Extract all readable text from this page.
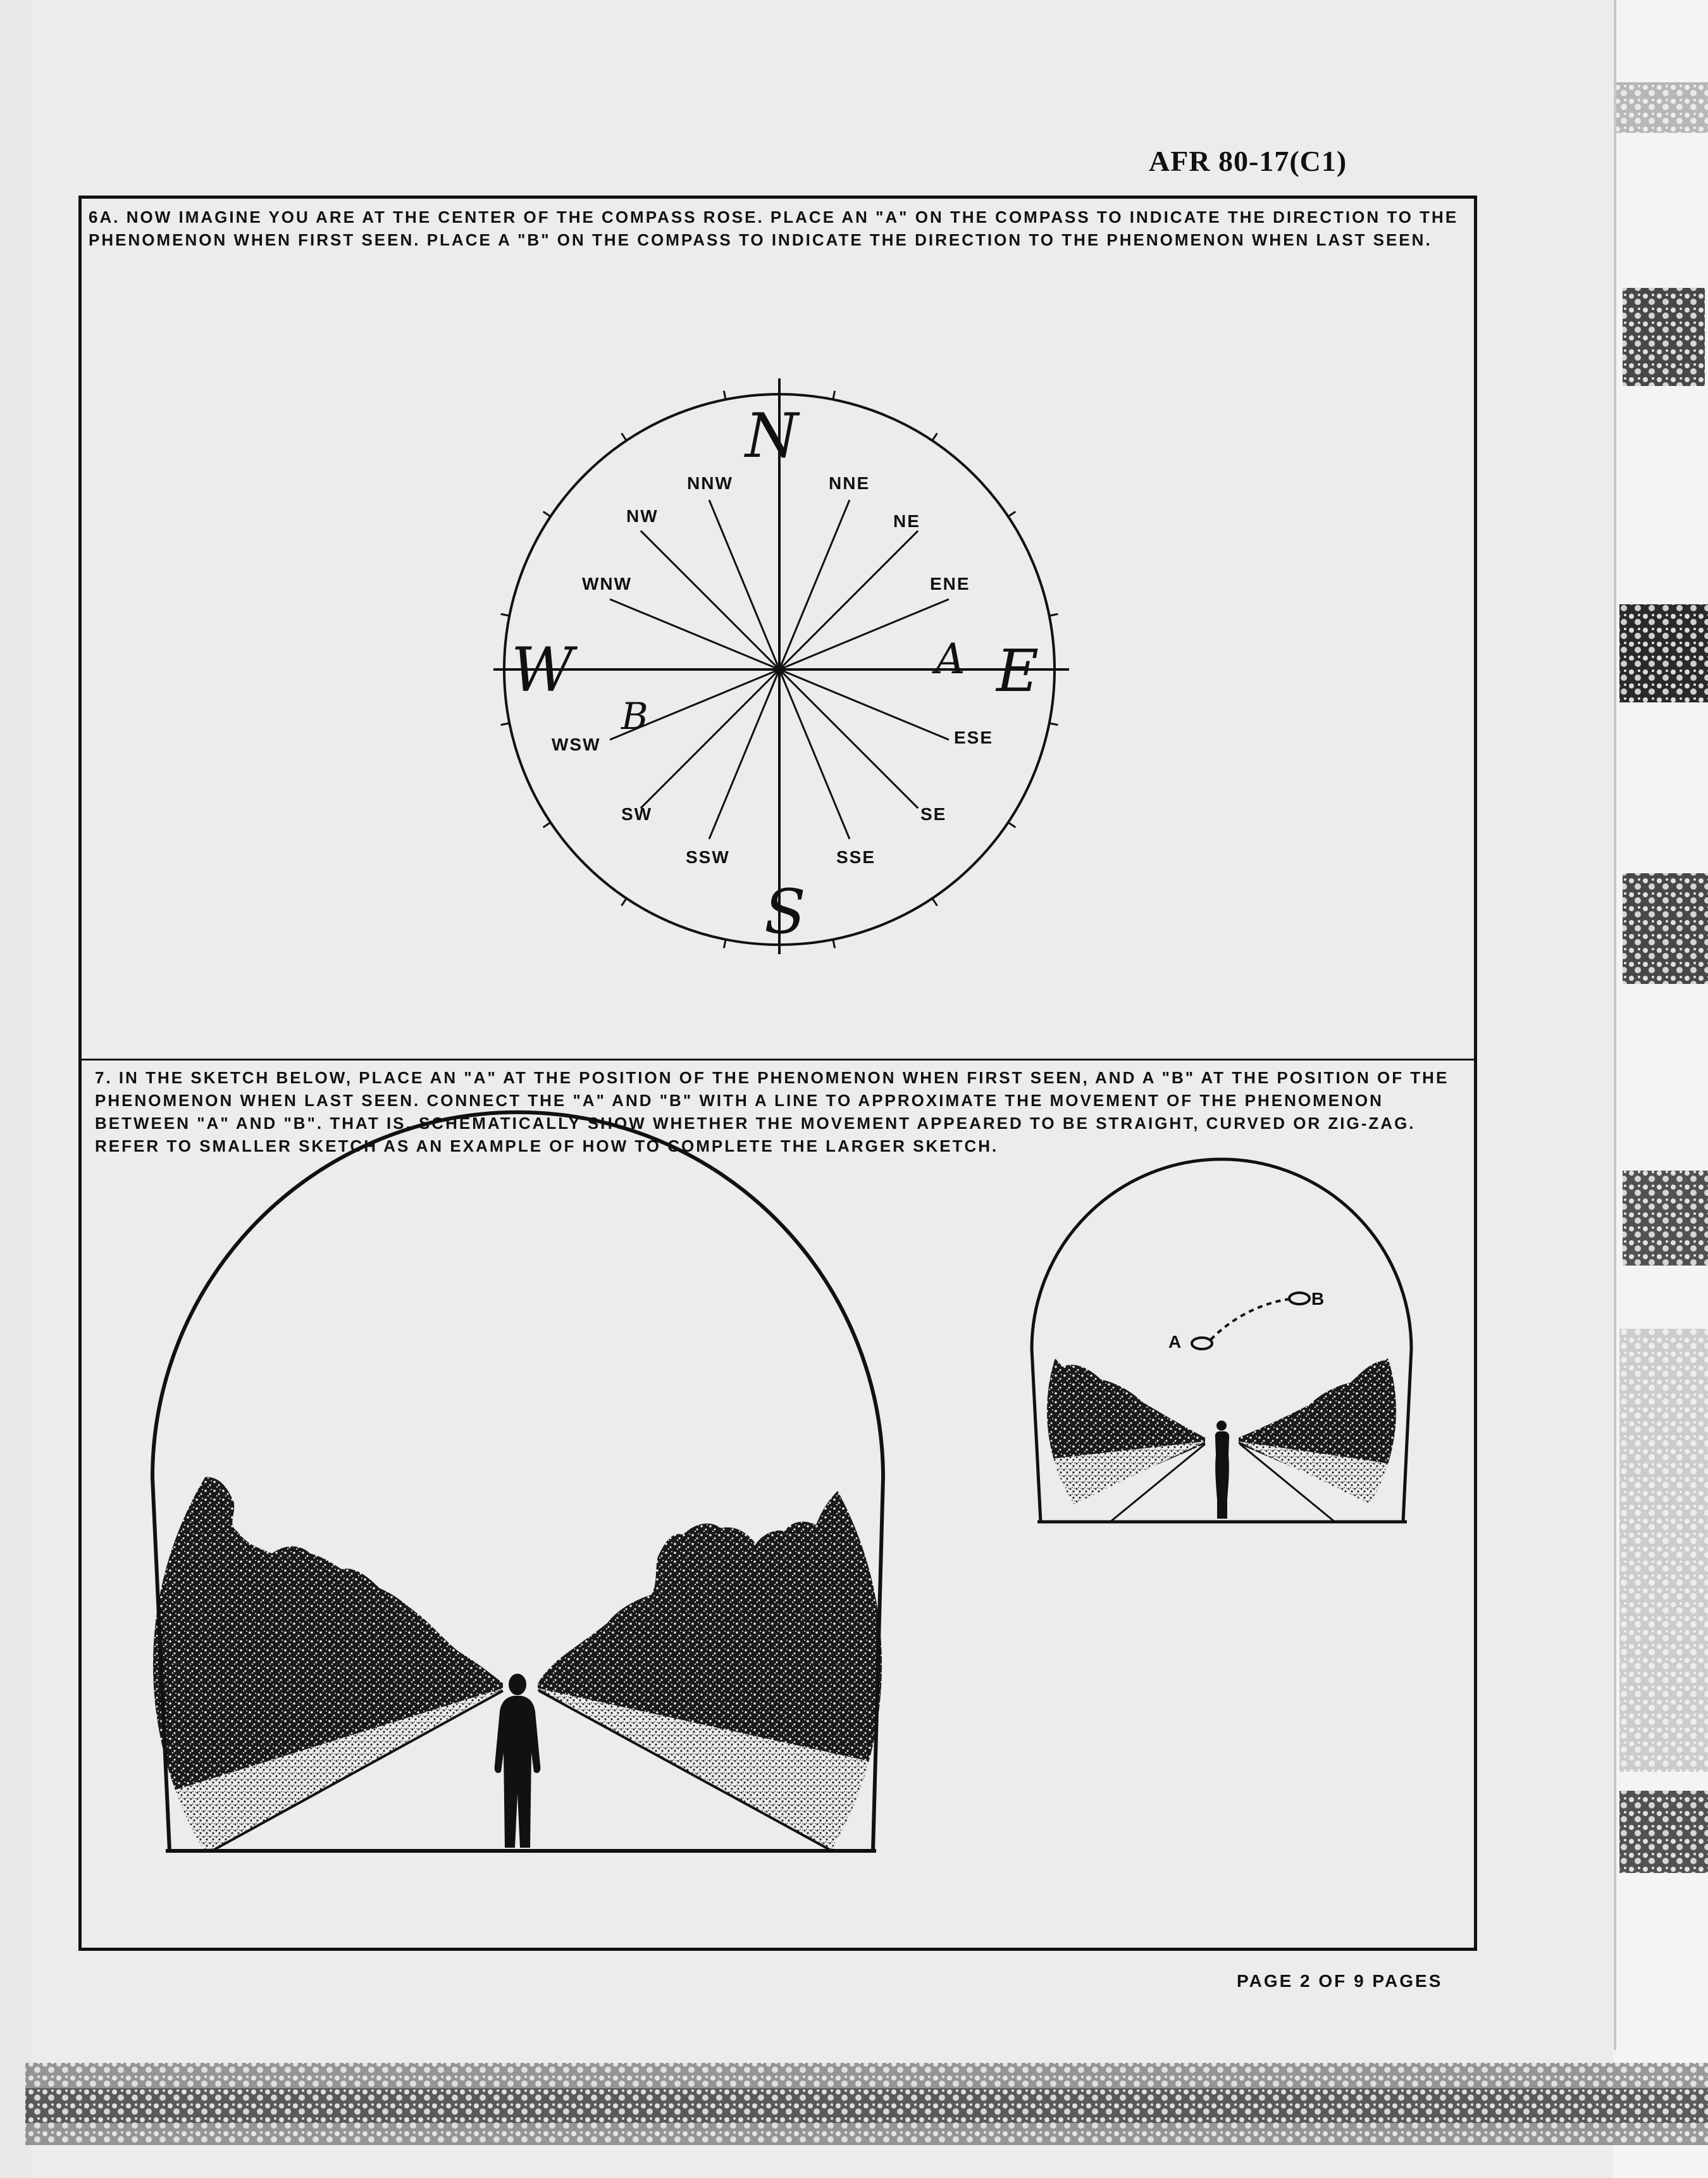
AFR 80-17(C1)

6A. NOW IMAGINE YOU ARE AT THE CENTER OF THE COMPASS ROSE. PLACE AN "A" ON THE COMPASS TO INDICATE THE DIRECTION TO THE PHENOMENON WHEN FIRST SEEN. PLACE A "B" ON THE COMPASS TO INDICATE THE DIRECTION TO THE PHENOMENON WHEN LAST SEEN.

7. IN THE SKETCH BELOW, PLACE AN "A" AT THE POSITION OF THE PHENOMENON WHEN FIRST SEEN, AND A "B" AT THE POSITION OF THE PHENOMENON WHEN LAST SEEN. CONNECT THE "A" AND "B" WITH A LINE TO APPROXIMATE THE MOVEMENT OF THE PHENOMENON BETWEEN "A" AND "B". THAT IS, SCHEMATICALLY SHOW WHETHER THE MOVEMENT APPEARED TO BE STRAIGHT, CURVED OR ZIG-ZAG. REFER TO SMALLER SKETCH AS AN EXAMPLE OF HOW TO COMPLETE THE LARGER SKETCH.

PAGE 2 OF 9 PAGES
NNE
NE
ENE
ESE
SE
SSE
SSW
SW
WSW
WNW
NW
NNW
N
E
S
W	A
B
A
B
